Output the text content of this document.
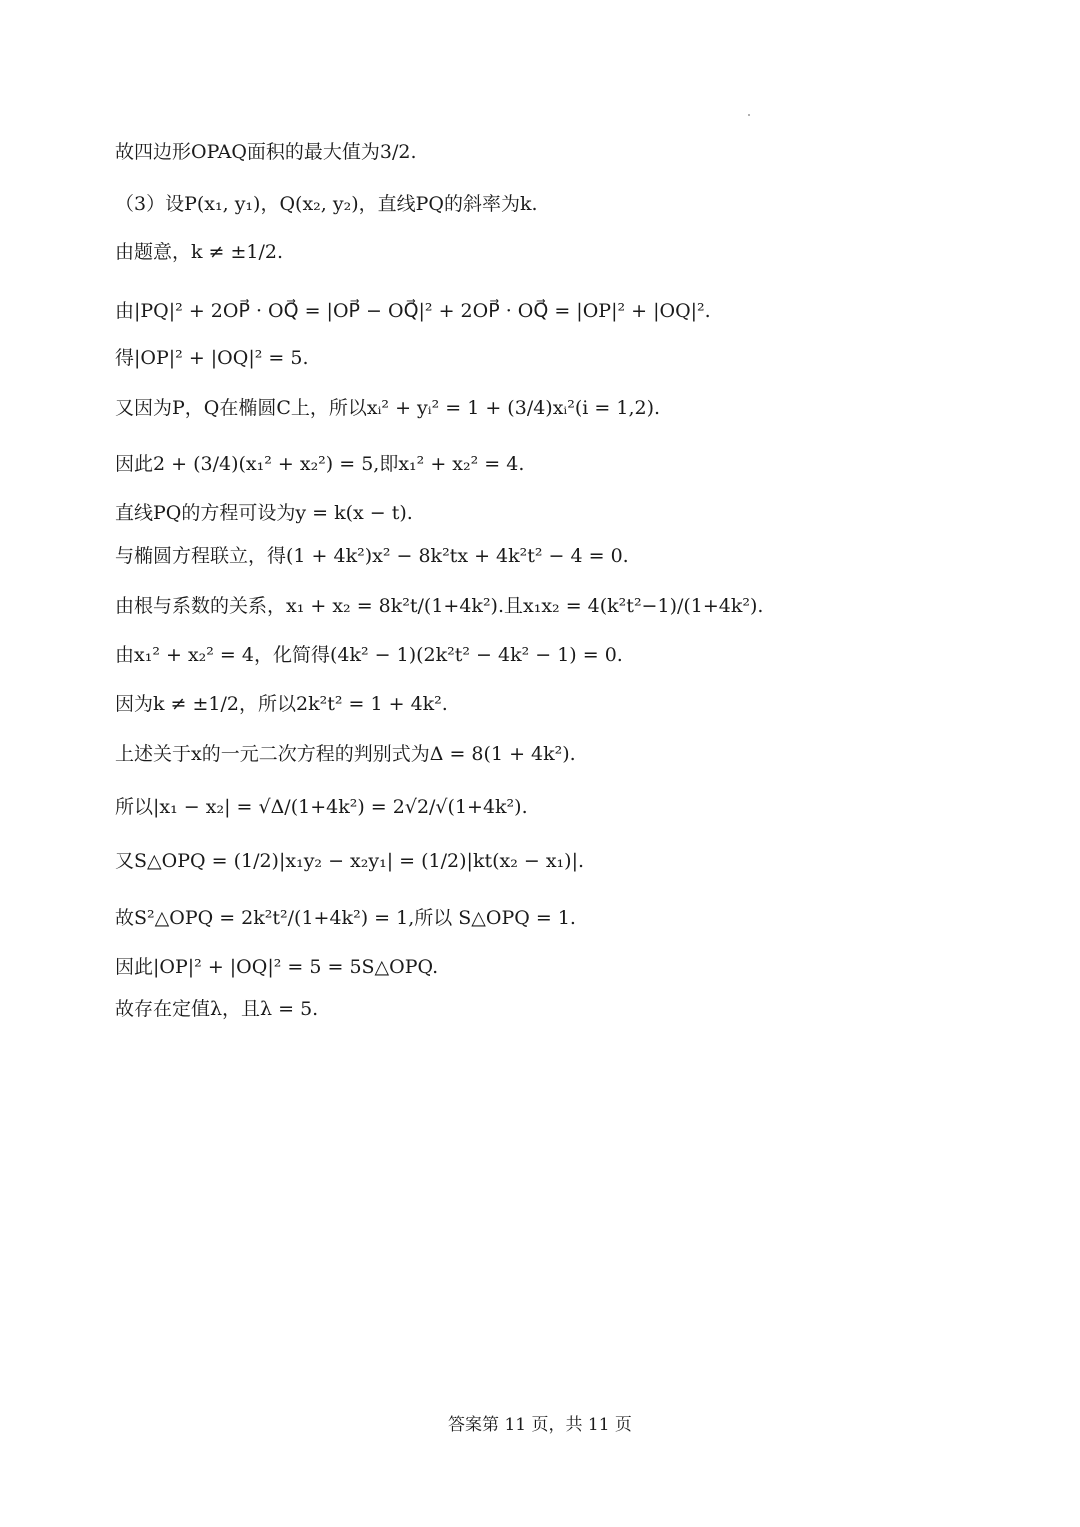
故四边形OPAQ面积的最大值为3/2.
（3）设P(x₁, y₁)，Q(x₂, y₂)，直线PQ的斜率为k.
由题意，k ≠ ±1/2.
由|PQ|² + 2OP⃗ · OQ⃗ = |OP⃗ − OQ⃗|² + 2OP⃗ · OQ⃗ = |OP|² + |OQ|².
得|OP|² + |OQ|² = 5.
又因为P，Q在椭圆C上，所以xᵢ² + yᵢ² = 1 + (3/4)xᵢ²(i = 1,2).
因此2 + (3/4)(x₁² + x₂²) = 5,即x₁² + x₂² = 4.
直线PQ的方程可设为y = k(x − t).
与椭圆方程联立，得(1 + 4k²)x² − 8k²tx + 4k²t² − 4 = 0.
由根与系数的关系，x₁ + x₂ = 8k²t/(1+4k²).且x₁x₂ = 4(k²t²−1)/(1+4k²).
由x₁² + x₂² = 4，化简得(4k² − 1)(2k²t² − 4k² − 1) = 0.
因为k ≠ ±1/2，所以2k²t² = 1 + 4k².
上述关于x的一元二次方程的判别式为Δ = 8(1 + 4k²).
所以|x₁ − x₂| = √Δ/(1+4k²) = 2√2/√(1+4k²).
又S△OPQ = (1/2)|x₁y₂ − x₂y₁| = (1/2)|kt(x₂ − x₁)|.
故S²△OPQ = 2k²t²/(1+4k²) = 1,所以 S△OPQ = 1.
因此|OP|² + |OQ|² = 5 = 5S△OPQ.
故存在定值λ，且λ = 5.
答案第 11 页，共 11 页
